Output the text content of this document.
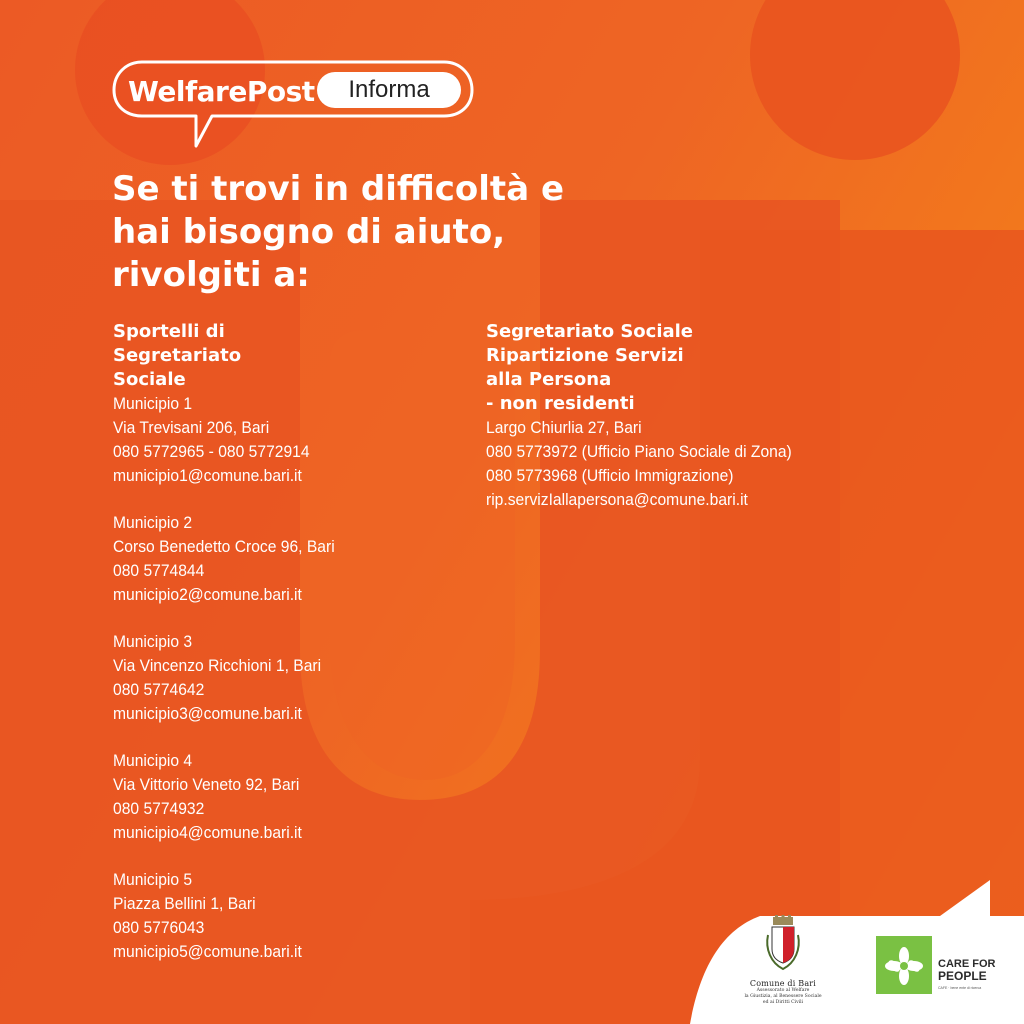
WelfarePost	Informa
Se ti trovi in difficoltà e
hai bisogno di aiuto,
rivolgiti a:
Sportelli di
Segretariato
Sociale
Municipio 1
Via Trevisani 206, Bari
080 5772965 - 080 5772914
municipio1@comune.bari.it
Municipio 2
Corso Benedetto Croce 96, Bari
080 5774844
municipio2@comune.bari.it
Municipio 3
Via Vincenzo Ricchioni 1, Bari
080 5774642
municipio3@comune.bari.it
Municipio 4
Via Vittorio Veneto 92, Bari
080 5774932
municipio4@comune.bari.it
Municipio 5
Piazza Bellini 1, Bari
080 5776043
municipio5@comune.bari.it
Segretariato Sociale
Ripartizione Servizi
alla Persona
- non residenti
Largo Chiurlia 27, Bari
080 5773972 (Ufficio Piano Sociale di Zona)
080 5773968 (Ufficio Immigrazione)
rip.servizIallapersona@comune.bari.it
Comune di Bari
Assessorato al Welfare
la Giustizia, al Benessere Sociale
ed ai Diritti Civili
CARE FOR
PEOPLE
CAFE · bene ente di ricerca
